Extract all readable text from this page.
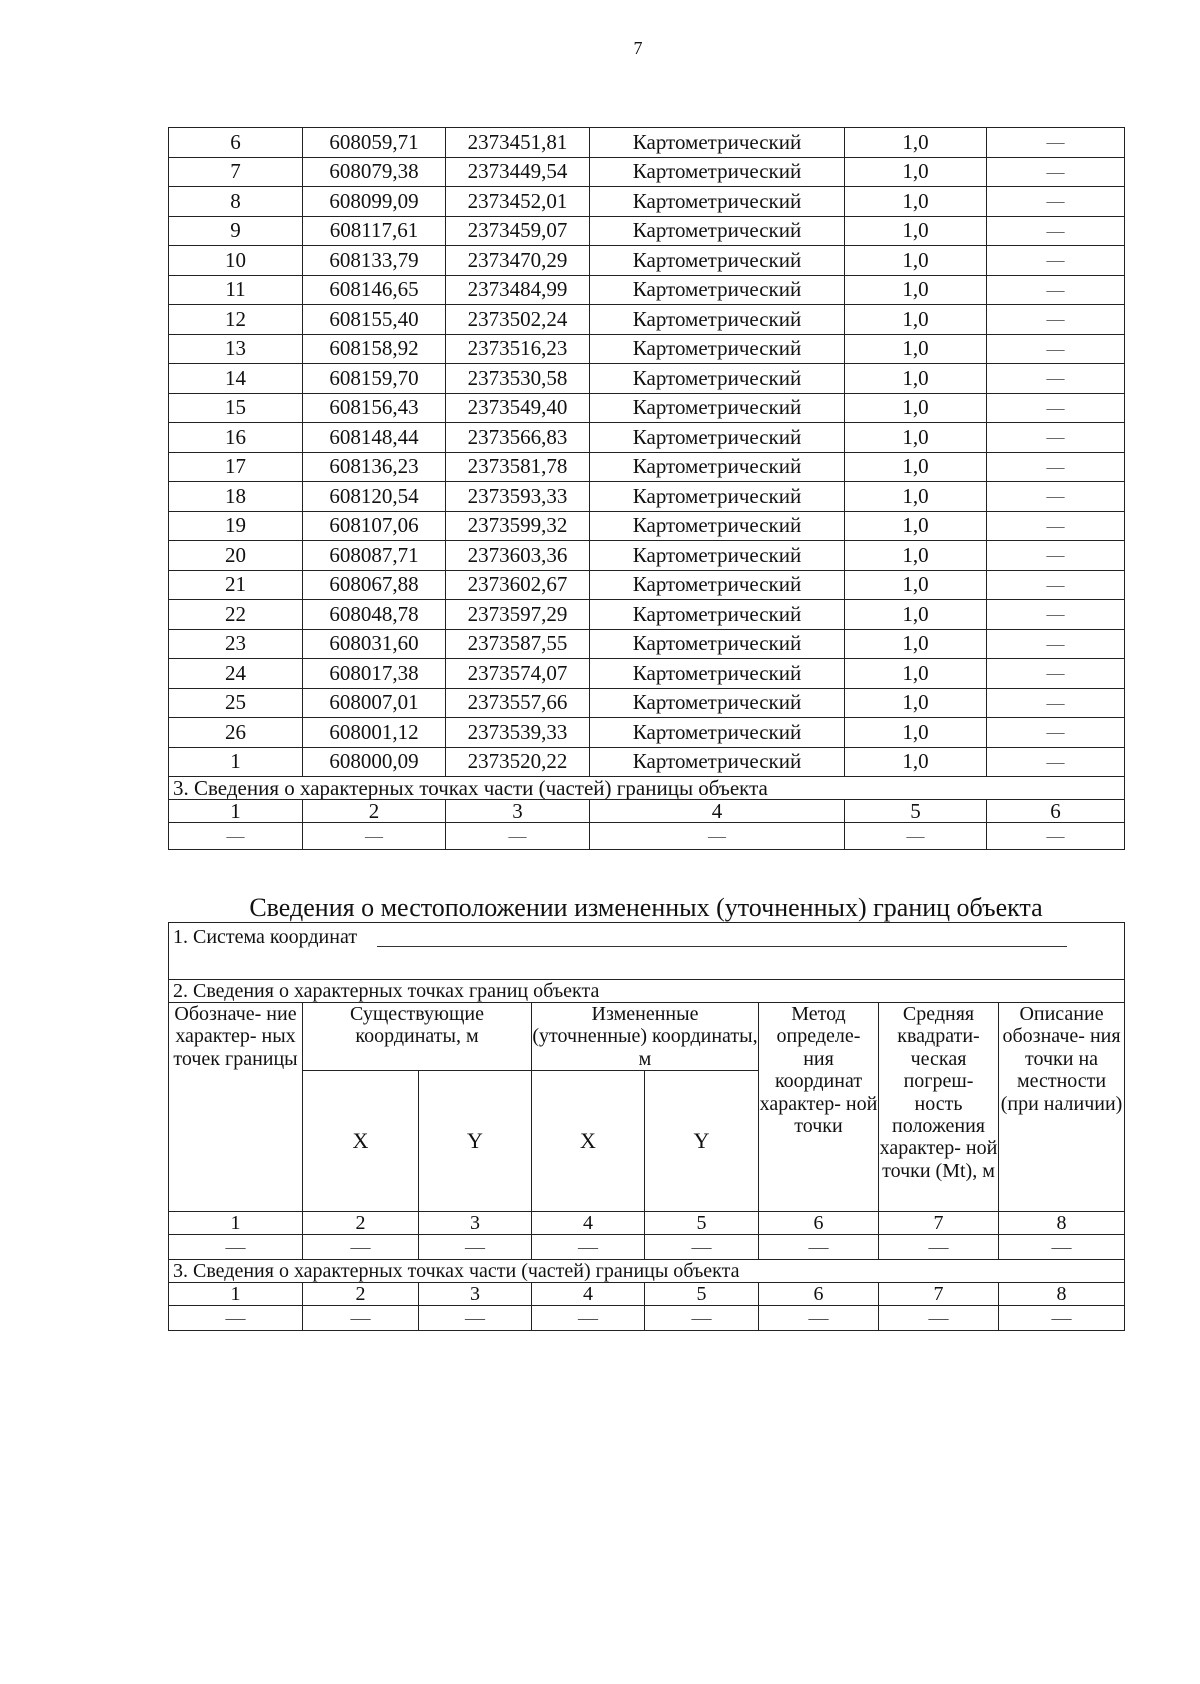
7
6	608059,71	2373451,81	Картометрический	1,0	—
7	608079,38	2373449,54	Картометрический	1,0	—
8	608099,09	2373452,01	Картометрический	1,0	—
9	608117,61	2373459,07	Картометрический	1,0	—
10	608133,79	2373470,29	Картометрический	1,0	—
11	608146,65	2373484,99	Картометрический	1,0	—
12	608155,40	2373502,24	Картометрический	1,0	—
13	608158,92	2373516,23	Картометрический	1,0	—
14	608159,70	2373530,58	Картометрический	1,0	—
15	608156,43	2373549,40	Картометрический	1,0	—
16	608148,44	2373566,83	Картометрический	1,0	—
17	608136,23	2373581,78	Картометрический	1,0	—
18	608120,54	2373593,33	Картометрический	1,0	—
19	608107,06	2373599,32	Картометрический	1,0	—
20	608087,71	2373603,36	Картометрический	1,0	—
21	608067,88	2373602,67	Картометрический	1,0	—
22	608048,78	2373597,29	Картометрический	1,0	—
23	608031,60	2373587,55	Картометрический	1,0	—
24	608017,38	2373574,07	Картометрический	1,0	—
25	608007,01	2373557,66	Картометрический	1,0	—
26	608001,12	2373539,33	Картометрический	1,0	—
1	608000,09	2373520,22	Картометрический	1,0	—
3. Сведения о характерных точках части (частей) границы объекта					
1	2	3	4	5	6
—	—	—	—	—	—
Сведения о местоположении измененных (уточненных) границ объекта
1. Система координат							
2. Сведения о характерных точках границ объекта							
Обозначе- ние характер- ных точек границы	Существующие координаты, м		Измененные (уточненные) координаты, м		Метод определе- ния координат характер- ной точки	Средняя квадрати- ческая погреш- ность положения характер- ной точки (Mt), м	Описание обозначе- ния точки на местности (при наличии)
	X	Y	X	Y			
1	2	3	4	5	6	7	8
—	—	—	—	—	—	—	—
3. Сведения о характерных точках части (частей) границы объекта							
1	2	3	4	5	6	7	8
—	—	—	—	—	—	—	—
